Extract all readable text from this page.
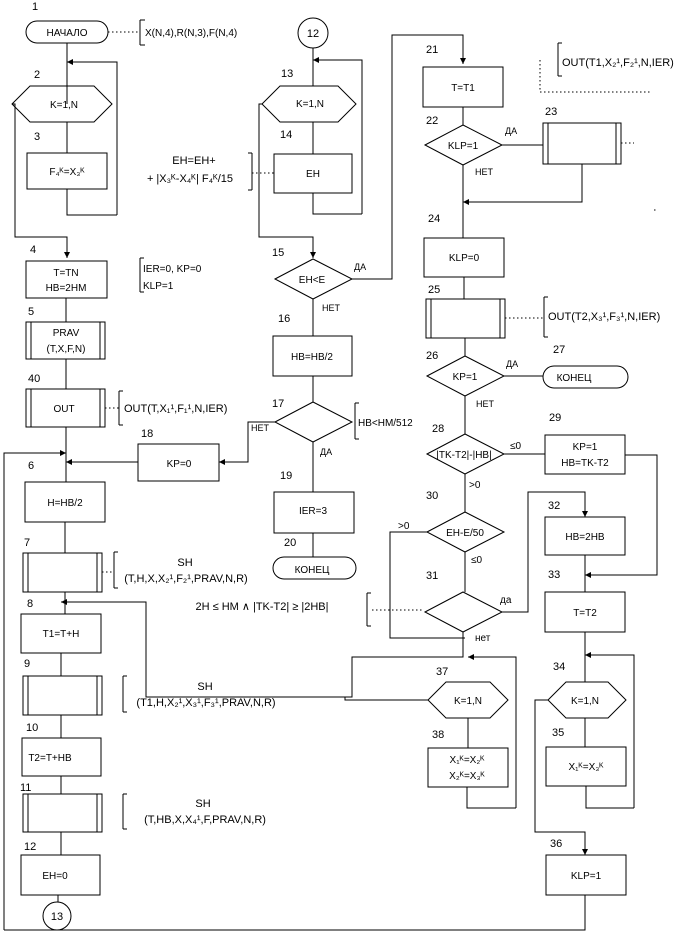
1
НАЧАЛО	X(N,4),R(N,3),F(N,4)
2
K=1,N
3
F₄ᴷ=X₃ᴷ
4
T=TN
HB=2HM
IER=0, KP=0
KLP=1
5
PRAV
(T,X,F,N)
40
OUT	OUT(T,X₁¹,F₁¹,N,IER)
18
KP=0
6
H=HB/2
7
SH
(T,H,X,X₂¹,F₂¹,PRAV,N,R)
8
T1=T+H
9
SH
(T1,H,X₂¹,X₃¹,F₃¹,PRAV,N,R)
10
T2=T+HB
11
SH
(T,HB,X,X₄¹,F,PRAV,N,R)
12
EH=0
13
12
13
K=1,N
14
EH
EH=EH+
+ |X₃ᴷ-X₄ᴷ| F₄ᴷ/15
15
EH<E
ДА
НЕТ
16
HB=HB/2
17
HB<HM/512
НЕТ
ДА
19
IER=3
20
КОНЕЦ
2H ≤ HM ∧ |TK-T2| ≥ |2HB|
21
T=T1
OUT(T1,X₂¹,F₂¹,N,IER)
22
KLP=1
ДА
НЕТ
23
24
KLP=0
25
OUT(T2,X₃¹,F₃¹,N,IER)
26
KP=1
ДА
НЕТ
27
КОНЕЦ
28
|TK-T2|-|HB|
≤0
>0
29
KP=1
HB=TK-T2
30
EH-E/50
>0
≤0
31
да
нет
32
HB=2HB
33
T=T2
34
K=1,N
35
X₁ᴷ=X₃ᴷ
36
KLP=1
37
K=1,N
38
X₁ᴷ=X₂ᴷ
X₂ᴷ=X₃ᴷ
